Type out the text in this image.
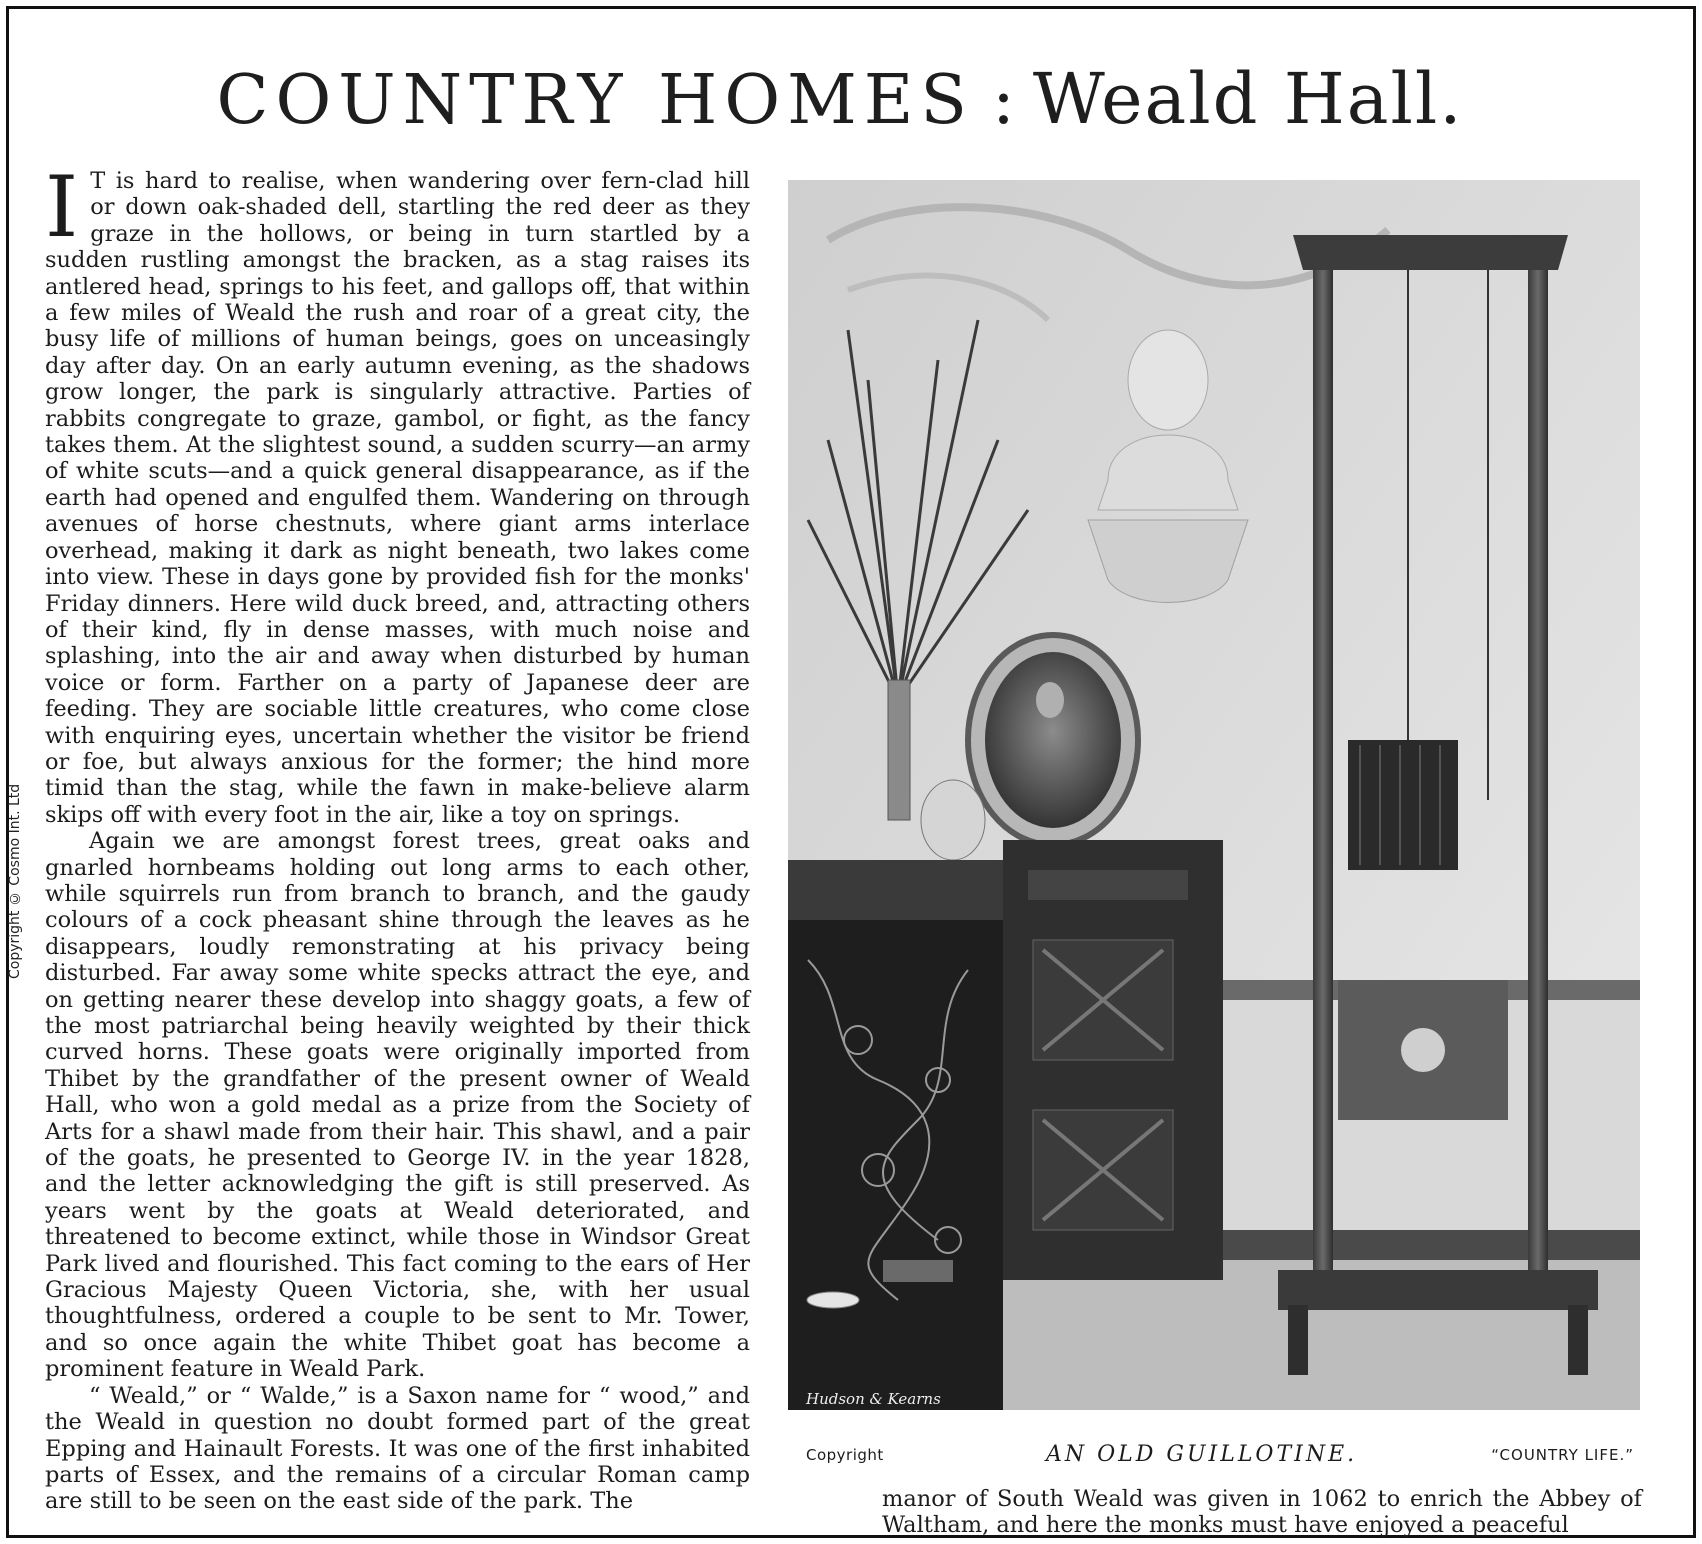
Copyright © Cosmo Int. Ltd
COUNTRY HOMES : Weald Hall.

I T is hard to realise, when wandering over fern-clad hill or down oak-shaded dell, startling the red deer as they graze in the hollows, or being in turn startled by a sudden rustling amongst the bracken, as a stag raises its antlered head, springs to his feet, and gallops off, that within a few miles of Weald the rush and roar of a great city, the busy life of millions of human beings, goes on unceasingly day after day. On an early autumn evening, as the shadows grow longer, the park is singularly attractive. Parties of rabbits congregate to graze, gambol, or fight, as the fancy takes them. At the slightest sound, a sudden scurry—an army of white scuts—and a quick general disappearance, as if the earth had opened and engulfed them. Wandering on through avenues of horse chestnuts, where giant arms interlace overhead, making it dark as night beneath, two lakes come into view. These in days gone by provided fish for the monks' Friday dinners. Here wild duck breed, and, attracting others of their kind, fly in dense masses, with much noise and splashing, into the air and away when disturbed by human voice or form. Farther on a party of Japanese deer are feeding. They are sociable little creatures, who come close with enquiring eyes, uncertain whether the visitor be friend or foe, but always anxious for the former; the hind more timid than the stag, while the fawn in make-believe alarm skips off with every foot in the air, like a toy on springs.

Again we are amongst forest trees, great oaks and gnarled hornbeams holding out long arms to each other, while squirrels run from branch to branch, and the gaudy colours of a cock pheasant shine through the leaves as he disappears, loudly remonstrating at his privacy being disturbed. Far away some white specks attract the eye, and on getting nearer these develop into shaggy goats, a few of the most patriarchal being heavily weighted by their thick curved horns. These goats were originally imported from Thibet by the grandfather of the present owner of Weald Hall, who won a gold medal as a prize from the Society of Arts for a shawl made from their hair. This shawl, and a pair of the goats, he presented to George IV. in the year 1828, and the letter acknowledging the gift is still preserved. As years went by the goats at Weald deteriorated, and threatened to become extinct, while those in Windsor Great Park lived and flourished. This fact coming to the ears of Her Gracious Majesty Queen Victoria, she, with her usual thoughtfulness, ordered a couple to be sent to Mr. Tower, and so once again the white Thibet goat has become a prominent feature in Weald Park.

“ Weald,” or “ Walde,” is a Saxon name for “ wood,” and the Weald in question no doubt formed part of the great Epping and Hainault Forests. It was one of the first inhabited parts of Essex, and the remains of a circular Roman camp are still to be seen on the east side of the park. The

Hudson & Kearns
Copyright	AN OLD GUILLOTINE.	“COUNTRY LIFE.”

manor of South Weald was given in 1062 to enrich the Abbey of Waltham, and here the monks must have enjoyed a peaceful
